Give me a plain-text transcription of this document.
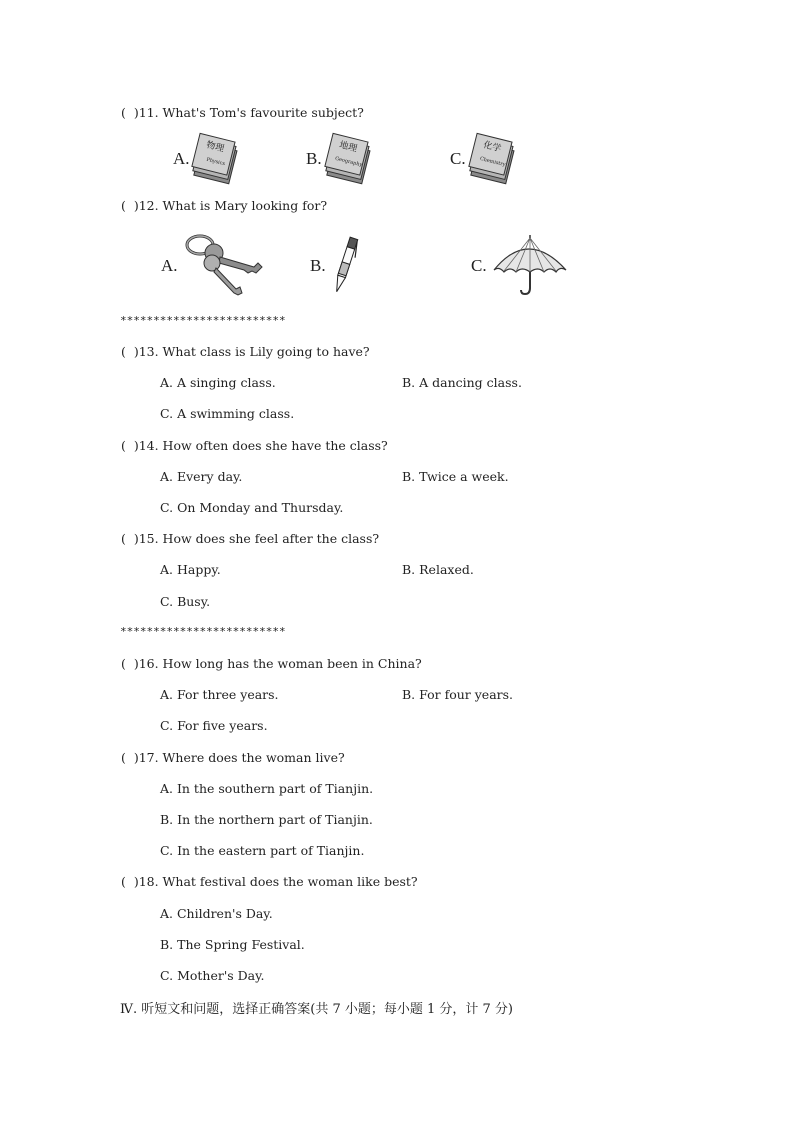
(  )11. What's Tom's favourite subject?
A.
物理
Physics	B.
地理
Geography	C.
化学
Chemistry
(  )12. What is Mary looking for?
A.	B.	C.
*************************
(  )13. What class is Lily going to have?
A. A singing class.	B. A dancing class.
C. A swimming class.
(  )14. How often does she have the class?
A. Every day.	B. Twice a week.
C. On Monday and Thursday.
(  )15. How does she feel after the class?
A. Happy.	B. Relaxed.
C. Busy.
*************************
(  )16. How long has the woman been in China?
A. For three years.	B. For four years.
C. For five years.
(  )17. Where does the woman live?
A. In the southern part of Tianjin.
B. In the northern part of Tianjin.
C. In the eastern part of Tianjin.
(  )18. What festival does the woman like best?
A. Children's Day.
B. The Spring Festival.
C. Mother's Day.
Ⅳ. 听短文和问题，选择正确答案(共 7 小题；每小题 1 分，计 7 分)
